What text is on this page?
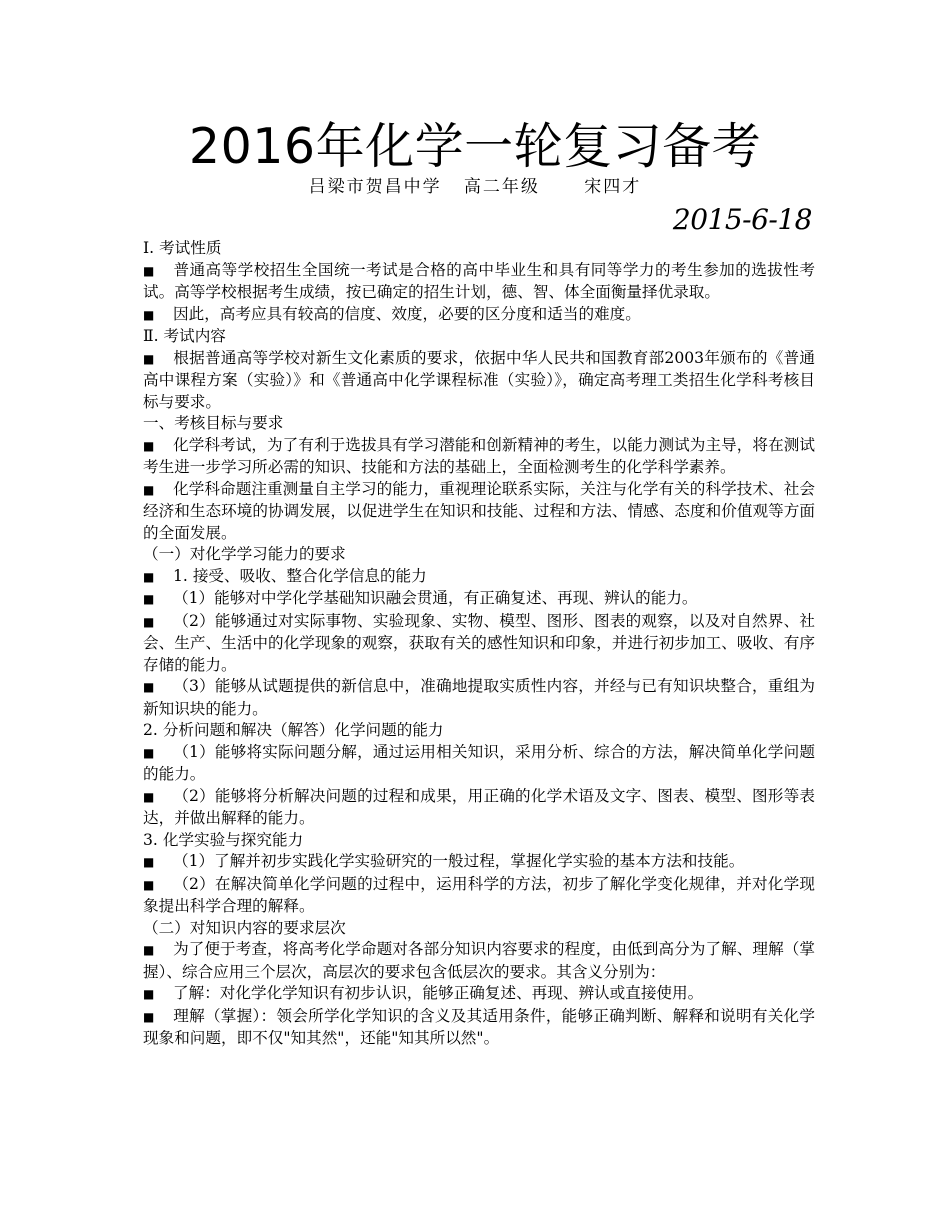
2016年化学一轮复习备考
吕梁市贺昌中学   高二年级      宋四才
2015-6-18

Ⅰ. 考试性质

■ 普通高等学校招生全国统一考试是合格的高中毕业生和具有同等学力的考生参加的选拔性考试。高等学校根据考生成绩，按已确定的招生计划，德、智、体全面衡量择优录取。

■ 因此，高考应具有较高的信度、效度，必要的区分度和适当的难度。

Ⅱ. 考试内容

■ 根据普通高等学校对新生文化素质的要求，依据中华人民共和国教育部2003年颁布的《普通高中课程方案（实验）》和《普通高中化学课程标准（实验）》，确定高考理工类招生化学科考核目标与要求。

一、考核目标与要求

■ 化学科考试，为了有利于选拔具有学习潜能和创新精神的考生，以能力测试为主导，将在测试考生进一步学习所必需的知识、技能和方法的基础上，全面检测考生的化学科学素养。

■ 化学科命题注重测量自主学习的能力，重视理论联系实际，关注与化学有关的科学技术、社会经济和生态环境的协调发展，以促进学生在知识和技能、过程和方法、情感、态度和价值观等方面的全面发展。

（一）对化学学习能力的要求

■ 1. 接受、吸收、整合化学信息的能力

■ （1）能够对中学化学基础知识融会贯通，有正确复述、再现、辨认的能力。

■ （2）能够通过对实际事物、实验现象、实物、模型、图形、图表的观察，以及对自然界、社会、生产、生活中的化学现象的观察，获取有关的感性知识和印象，并进行初步加工、吸收、有序存储的能力。

■ （3）能够从试题提供的新信息中，准确地提取实质性内容，并经与已有知识块整合，重组为新知识块的能力。

2. 分析问题和解决（解答）化学问题的能力

■ （1）能够将实际问题分解，通过运用相关知识，采用分析、综合的方法，解决简单化学问题的能力。

■ （2）能够将分析解决问题的过程和成果，用正确的化学术语及文字、图表、模型、图形等表达，并做出解释的能力。

3. 化学实验与探究能力

■ （1）了解并初步实践化学实验研究的一般过程，掌握化学实验的基本方法和技能。

■ （2）在解决简单化学问题的过程中，运用科学的方法，初步了解化学变化规律，并对化学现象提出科学合理的解释。

（二）对知识内容的要求层次

■ 为了便于考查，将高考化学命题对各部分知识内容要求的程度，由低到高分为了解、理解（掌握）、综合应用三个层次，高层次的要求包含低层次的要求。其含义分别为：

■ 了解：对化学化学知识有初步认识，能够正确复述、再现、辨认或直接使用。

■ 理解（掌握）：领会所学化学知识的含义及其适用条件，能够正确判断、解释和说明有关化学现象和问题，即不仅"知其然"，还能"知其所以然"。
